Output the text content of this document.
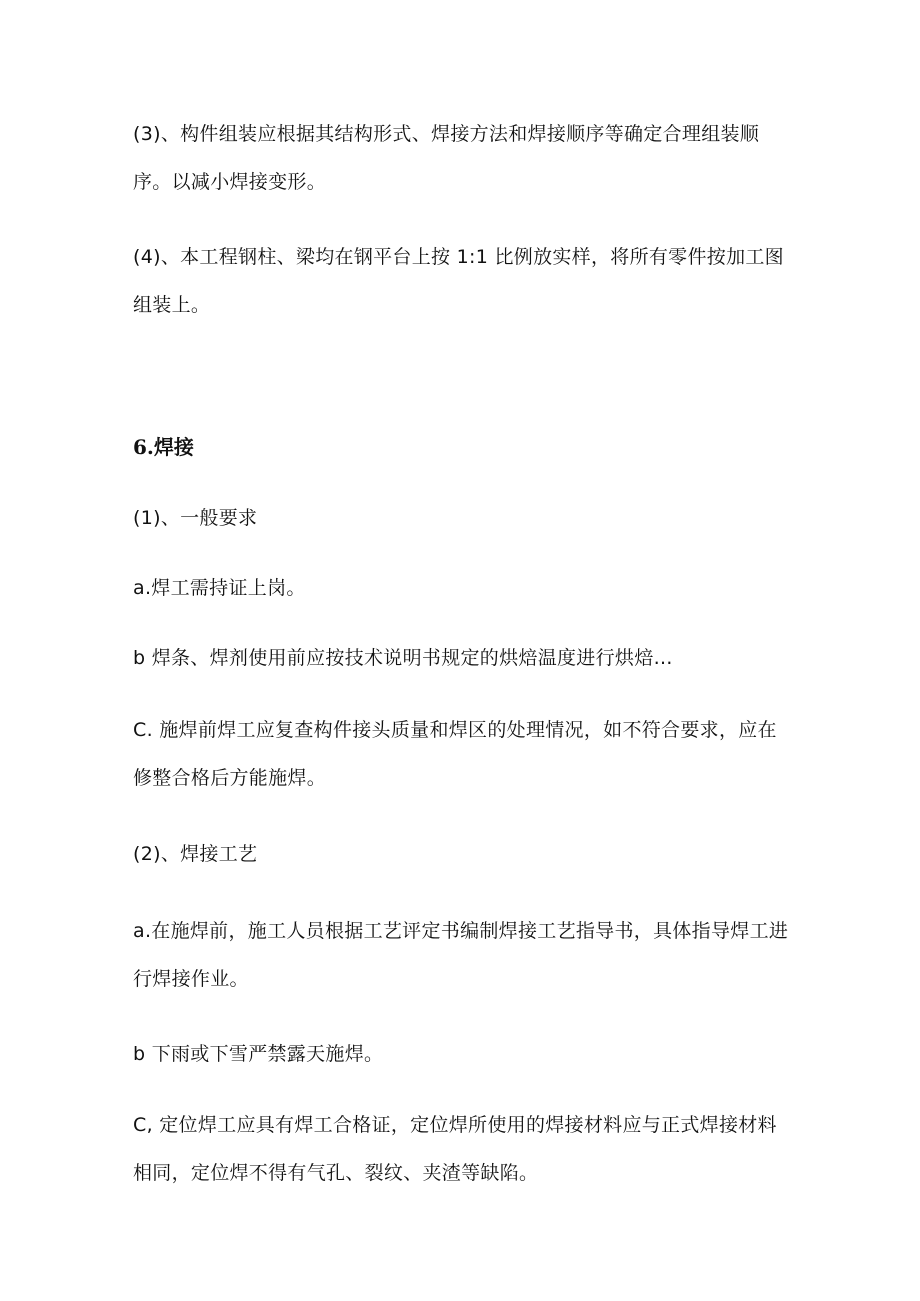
(3)、构件组装应根据其结构形式、焊接方法和焊接顺序等确定合理组装顺序。以减小焊接变形。

(4)、本工程钢柱、梁均在钢平台上按 1:1 比例放实样，将所有零件按加工图组装上。

6.焊接

(1)、一般要求

a.焊工需持证上岗。

b 焊条、焊剂使用前应按技术说明书规定的烘焙温度进行烘焙…

C. 施焊前焊工应复查构件接头质量和焊区的处理情况，如不符合要求，应在修整合格后方能施焊。

(2)、焊接工艺

a.在施焊前，施工人员根据工艺评定书编制焊接工艺指导书，具体指导焊工进行焊接作业。

b 下雨或下雪严禁露天施焊。

C, 定位焊工应具有焊工合格证，定位焊所使用的焊接材料应与正式焊接材料相同，定位焊不得有气孔、裂纹、夹渣等缺陷。
